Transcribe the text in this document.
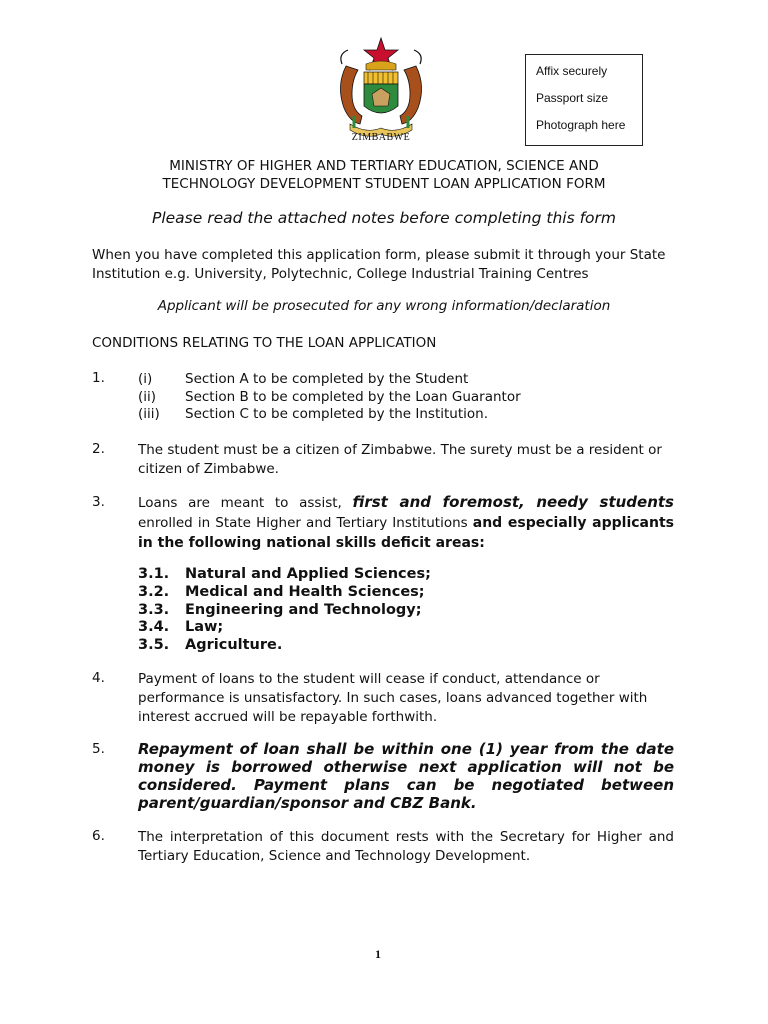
ZIMBABWE
Affix securely
Passport size
Photograph here
MINISTRY OF HIGHER AND TERTIARY EDUCATION, SCIENCE AND
TECHNOLOGY DEVELOPMENT STUDENT LOAN APPLICATION FORM
Please read the attached notes before completing this form
When you have completed this application form, please submit it through your State Institution e.g. University, Polytechnic, College Industrial Training Centres
Applicant will be prosecuted for any wrong information/declaration
CONDITIONS RELATING TO THE LOAN APPLICATION
1. (i) Section A to be completed by the Student
(ii) Section B to be completed by the Loan Guarantor
(iii) Section C to be completed by the Institution.
2. The student must be a citizen of Zimbabwe. The surety must be a resident or citizen of Zimbabwe.
3. Loans are meant to assist, first and foremost, needy students enrolled in State Higher and Tertiary Institutions and especially applicants in the following national skills deficit areas:
3.1. Natural and Applied Sciences;
3.2. Medical and Health Sciences;
3.3. Engineering and Technology;
3.4. Law;
3.5. Agriculture.
4. Payment of loans to the student will cease if conduct, attendance or performance is unsatisfactory. In such cases, loans advanced together with interest accrued will be repayable forthwith.
5. Repayment of loan shall be within one (1) year from the date money is borrowed otherwise next application will not be considered. Payment plans can be negotiated between parent/guardian/sponsor and CBZ Bank.
6. The interpretation of this document rests with the Secretary for Higher and Tertiary Education, Science and Technology Development.
1
